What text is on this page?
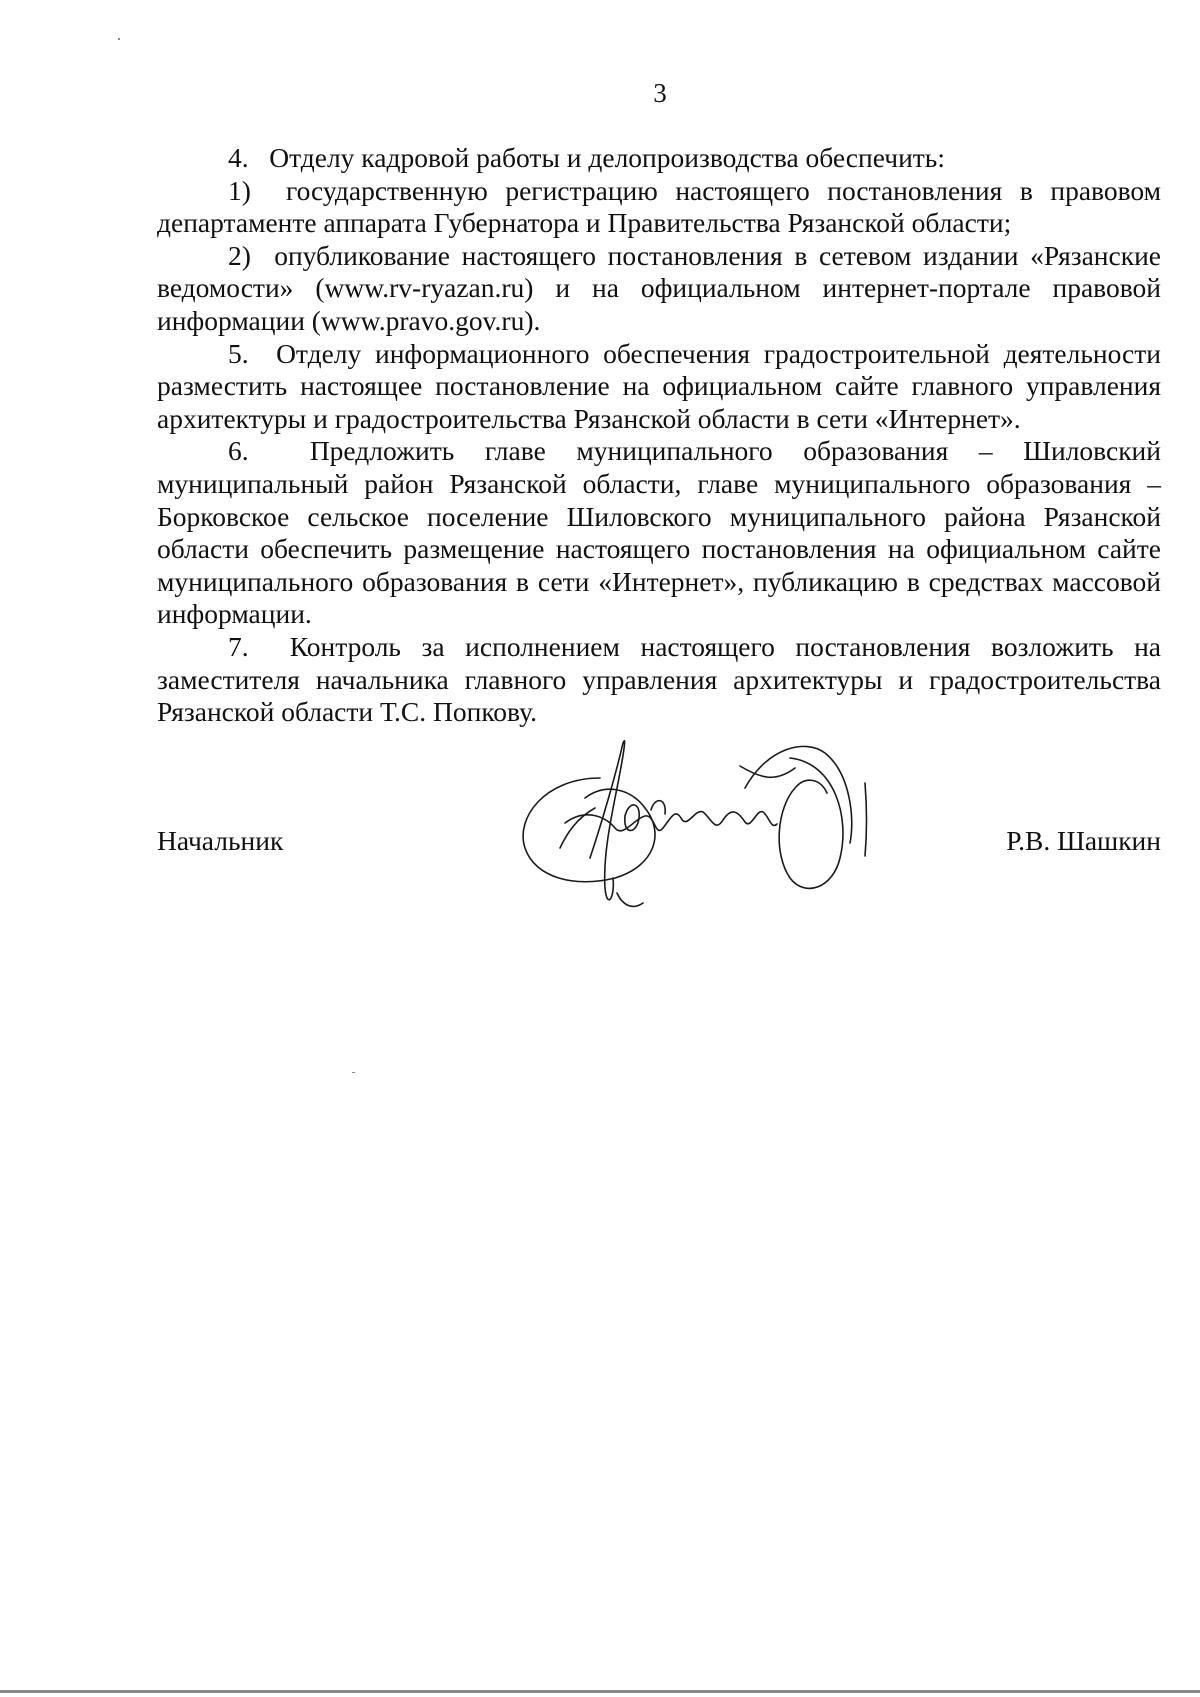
3

4.   Отделу кадровой работы и делопроизводства обеспечить:

1)  государственную регистрацию настоящего постановления в правовом департаменте аппарата Губернатора и Правительства Рязанской области;

2)  опубликование настоящего постановления в сетевом издании «Рязанские ведомости» (www.rv-ryazan.ru) и на официальном интернет-портале правовой информации (www.pravo.gov.ru).

5.  Отделу информационного обеспечения градостроительной деятельности разместить настоящее постановление на официальном сайте главного управления архитектуры и градостроительства Рязанской области в сети «Интернет».

6.  Предложить главе муниципального образования – Шиловский муниципальный район Рязанской области, главе муниципального образования – Борковское сельское поселение Шиловского муниципального района Рязанской области обеспечить размещение настоящего постановления на официальном сайте муниципального образования в сети «Интернет», публикацию в средствах массовой информации.

7.  Контроль за исполнением настоящего постановления возложить на заместителя начальника главного управления архитектуры и градостроительства Рязанской области Т.С. Попкову.

Начальник	Р.В. Шашкин
